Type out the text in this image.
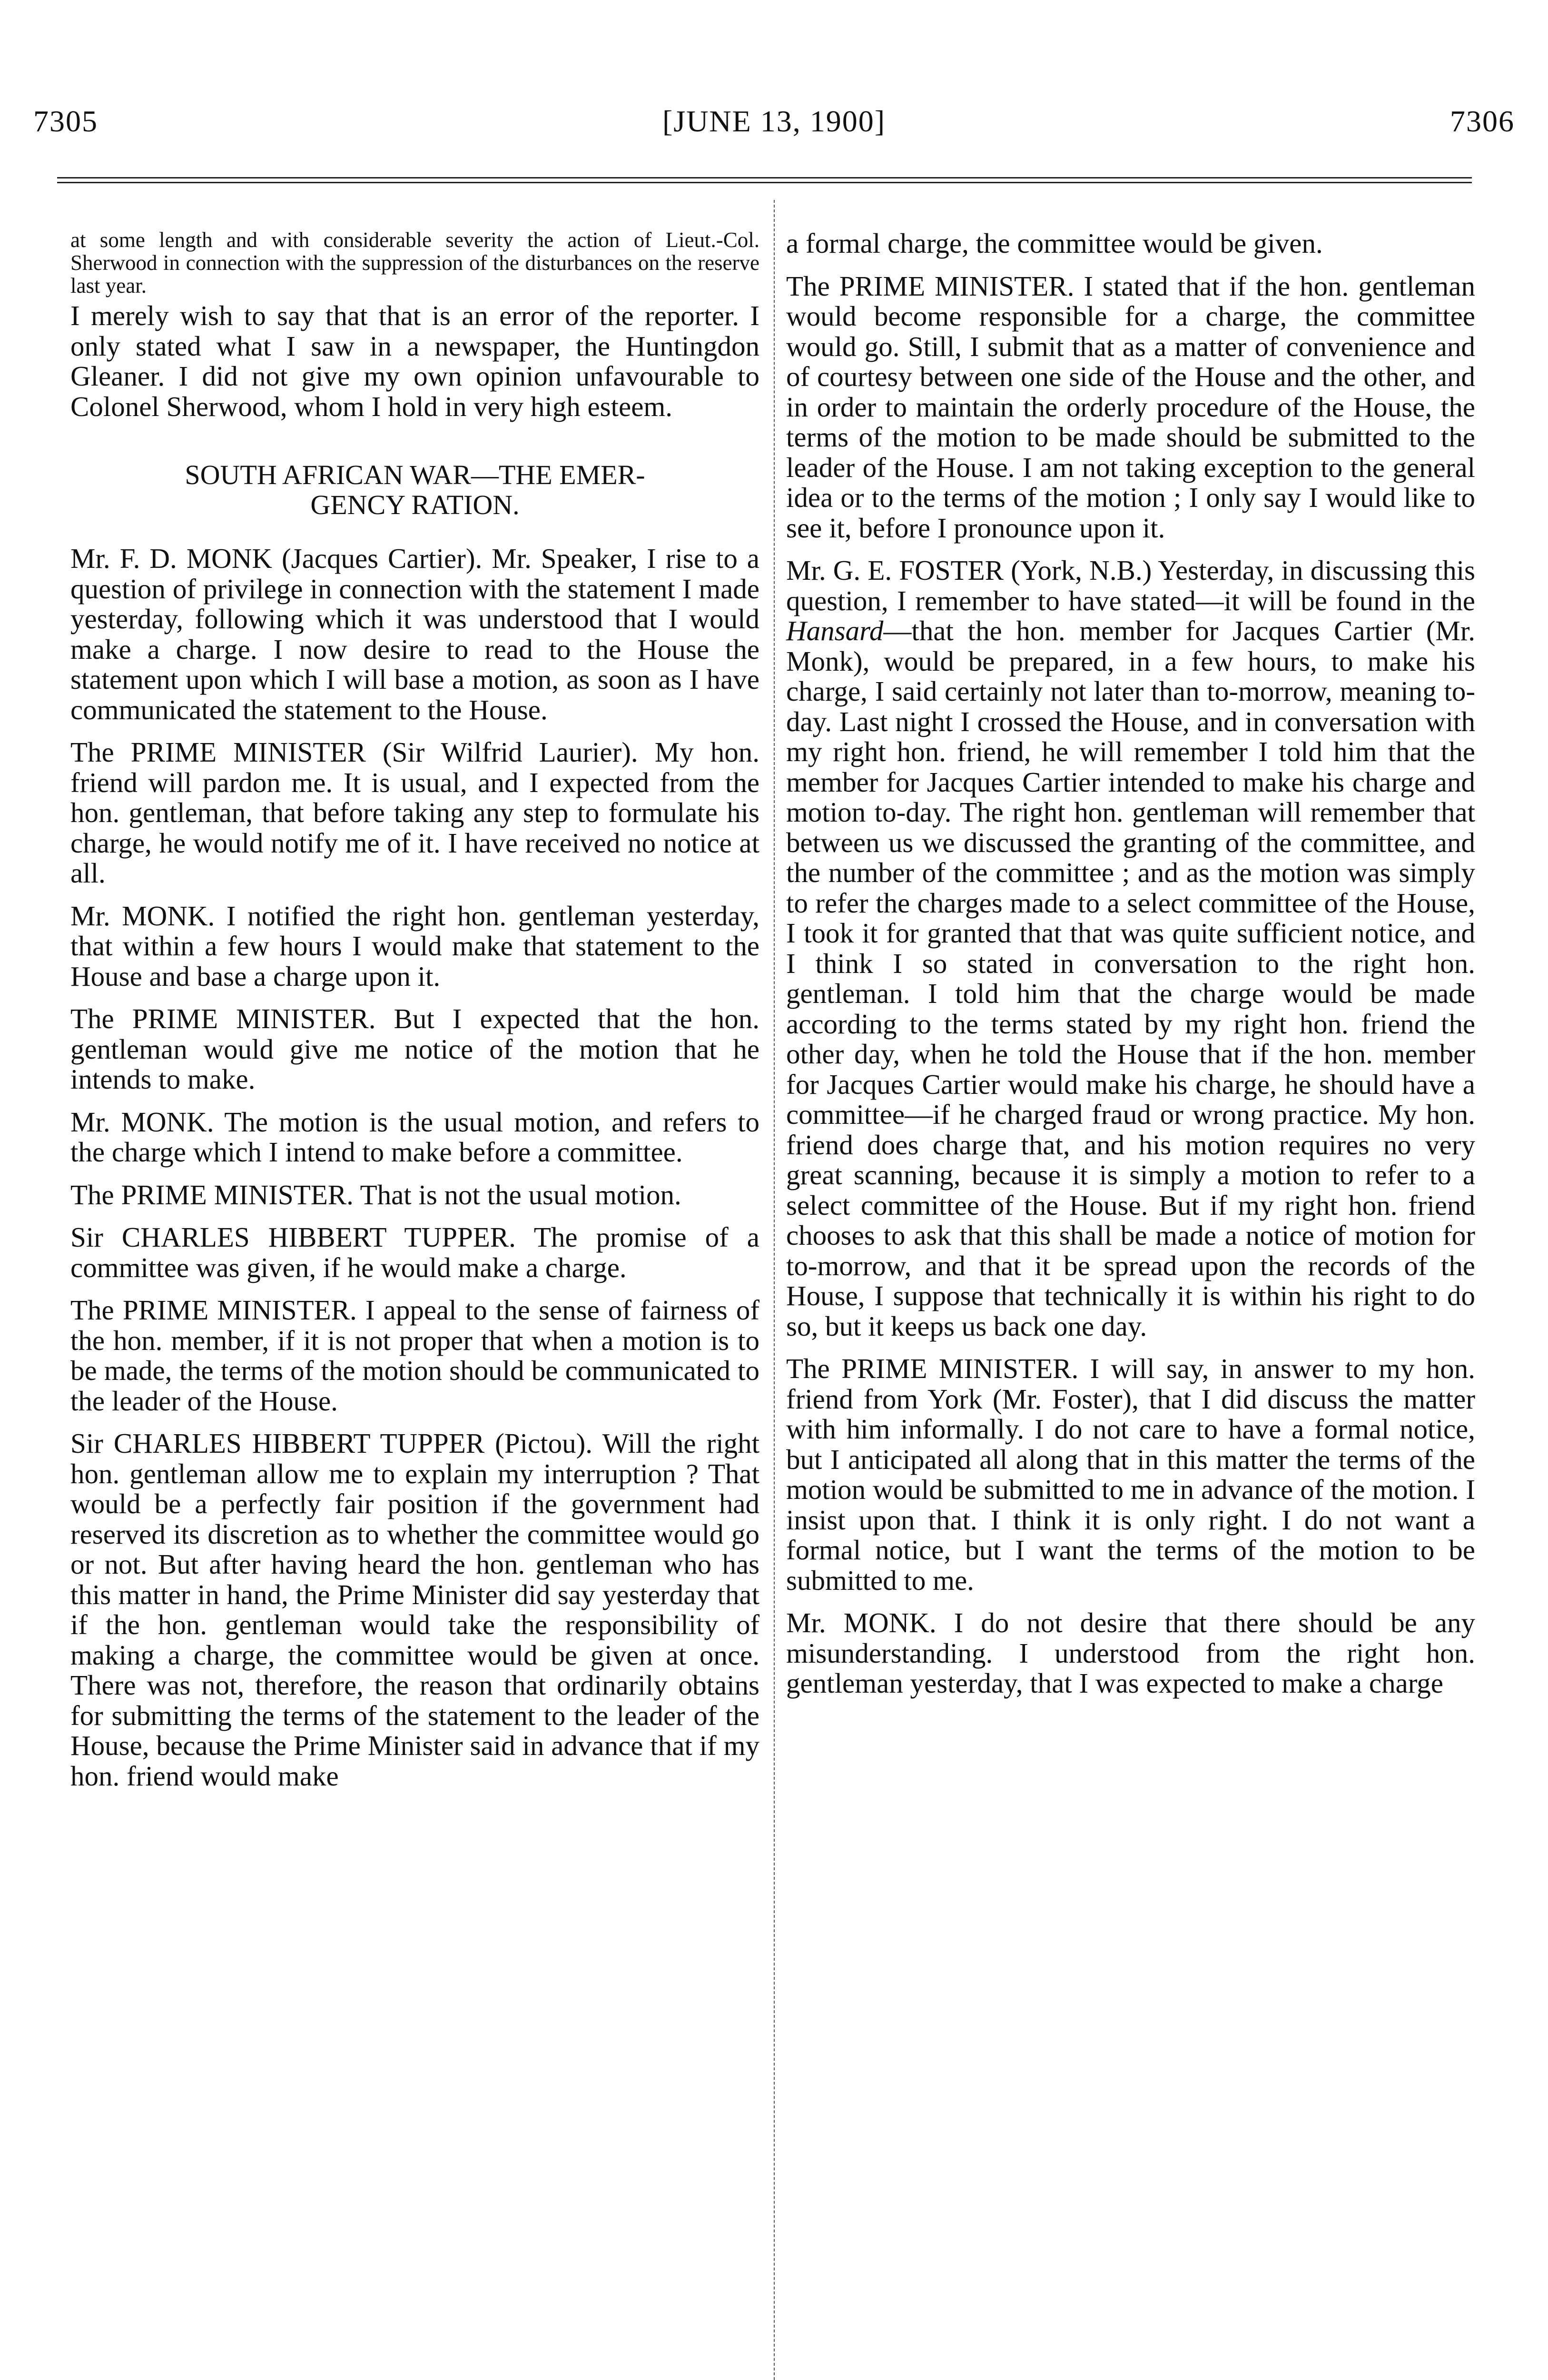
7305	[JUNE 13, 1900]	7306

at some length and with considerable severity the action of Lieut.-Col. Sherwood in connection with the suppression of the disturbances on the reserve last year.

I merely wish to say that that is an error of the reporter. I only stated what I saw in a newspaper, the Huntingdon Gleaner. I did not give my own opinion unfavourable to Colonel Sherwood, whom I hold in very high esteem.

SOUTH AFRICAN WAR—THE EMER-
GENCY RATION.

Mr. F. D. MONK (Jacques Cartier). Mr. Speaker, I rise to a question of privilege in connection with the statement I made yesterday, following which it was understood that I would make a charge. I now desire to read to the House the statement upon which I will base a motion, as soon as I have communicated the statement to the House.

The PRIME MINISTER (Sir Wilfrid Laurier). My hon. friend will pardon me. It is usual, and I expected from the hon. gentleman, that before taking any step to formulate his charge, he would notify me of it. I have received no notice at all.

Mr. MONK. I notified the right hon. gentleman yesterday, that within a few hours I would make that statement to the House and base a charge upon it.

The PRIME MINISTER. But I expected that the hon. gentleman would give me notice of the motion that he intends to make.

Mr. MONK. The motion is the usual motion, and refers to the charge which I intend to make before a committee.

The PRIME MINISTER. That is not the usual motion.

Sir CHARLES HIBBERT TUPPER. The promise of a committee was given, if he would make a charge.

The PRIME MINISTER. I appeal to the sense of fairness of the hon. member, if it is not proper that when a motion is to be made, the terms of the motion should be communicated to the leader of the House.

Sir CHARLES HIBBERT TUPPER (Pictou). Will the right hon. gentleman allow me to explain my interruption ? That would be a perfectly fair position if the government had reserved its discretion as to whether the committee would go or not. But after having heard the hon. gentleman who has this matter in hand, the Prime Minister did say yesterday that if the hon. gentleman would take the responsibility of making a charge, the committee would be given at once. There was not, therefore, the reason that ordinarily obtains for submitting the terms of the statement to the leader of the House, because the Prime Minister said in advance that if my hon. friend would make

a formal charge, the committee would be given.

The PRIME MINISTER. I stated that if the hon. gentleman would become responsible for a charge, the committee would go. Still, I submit that as a matter of convenience and of courtesy between one side of the House and the other, and in order to maintain the orderly procedure of the House, the terms of the motion to be made should be submitted to the leader of the House. I am not taking exception to the general idea or to the terms of the motion ; I only say I would like to see it, before I pronounce upon it.

Mr. G. E. FOSTER (York, N.B.) Yesterday, in discussing this question, I remember to have stated—it will be found in the Hansard—that the hon. member for Jacques Cartier (Mr. Monk), would be prepared, in a few hours, to make his charge, I said certainly not later than to-morrow, meaning to-day. Last night I crossed the House, and in conversation with my right hon. friend, he will remember I told him that the member for Jacques Cartier intended to make his charge and motion to-day. The right hon. gentleman will remember that between us we discussed the granting of the committee, and the number of the committee ; and as the motion was simply to refer the charges made to a select committee of the House, I took it for granted that that was quite sufficient notice, and I think I so stated in conversation to the right hon. gentleman. I told him that the charge would be made according to the terms stated by my right hon. friend the other day, when he told the House that if the hon. member for Jacques Cartier would make his charge, he should have a committee—if he charged fraud or wrong practice. My hon. friend does charge that, and his motion requires no very great scanning, because it is simply a motion to refer to a select committee of the House. But if my right hon. friend chooses to ask that this shall be made a notice of motion for to-morrow, and that it be spread upon the records of the House, I suppose that technically it is within his right to do so, but it keeps us back one day.

The PRIME MINISTER. I will say, in answer to my hon. friend from York (Mr. Foster), that I did discuss the matter with him informally. I do not care to have a formal notice, but I anticipated all along that in this matter the terms of the motion would be submitted to me in advance of the motion. I insist upon that. I think it is only right. I do not want a formal notice, but I want the terms of the motion to be submitted to me.

Mr. MONK. I do not desire that there should be any misunderstanding. I understood from the right hon. gentleman yesterday, that I was expected to make a charge
